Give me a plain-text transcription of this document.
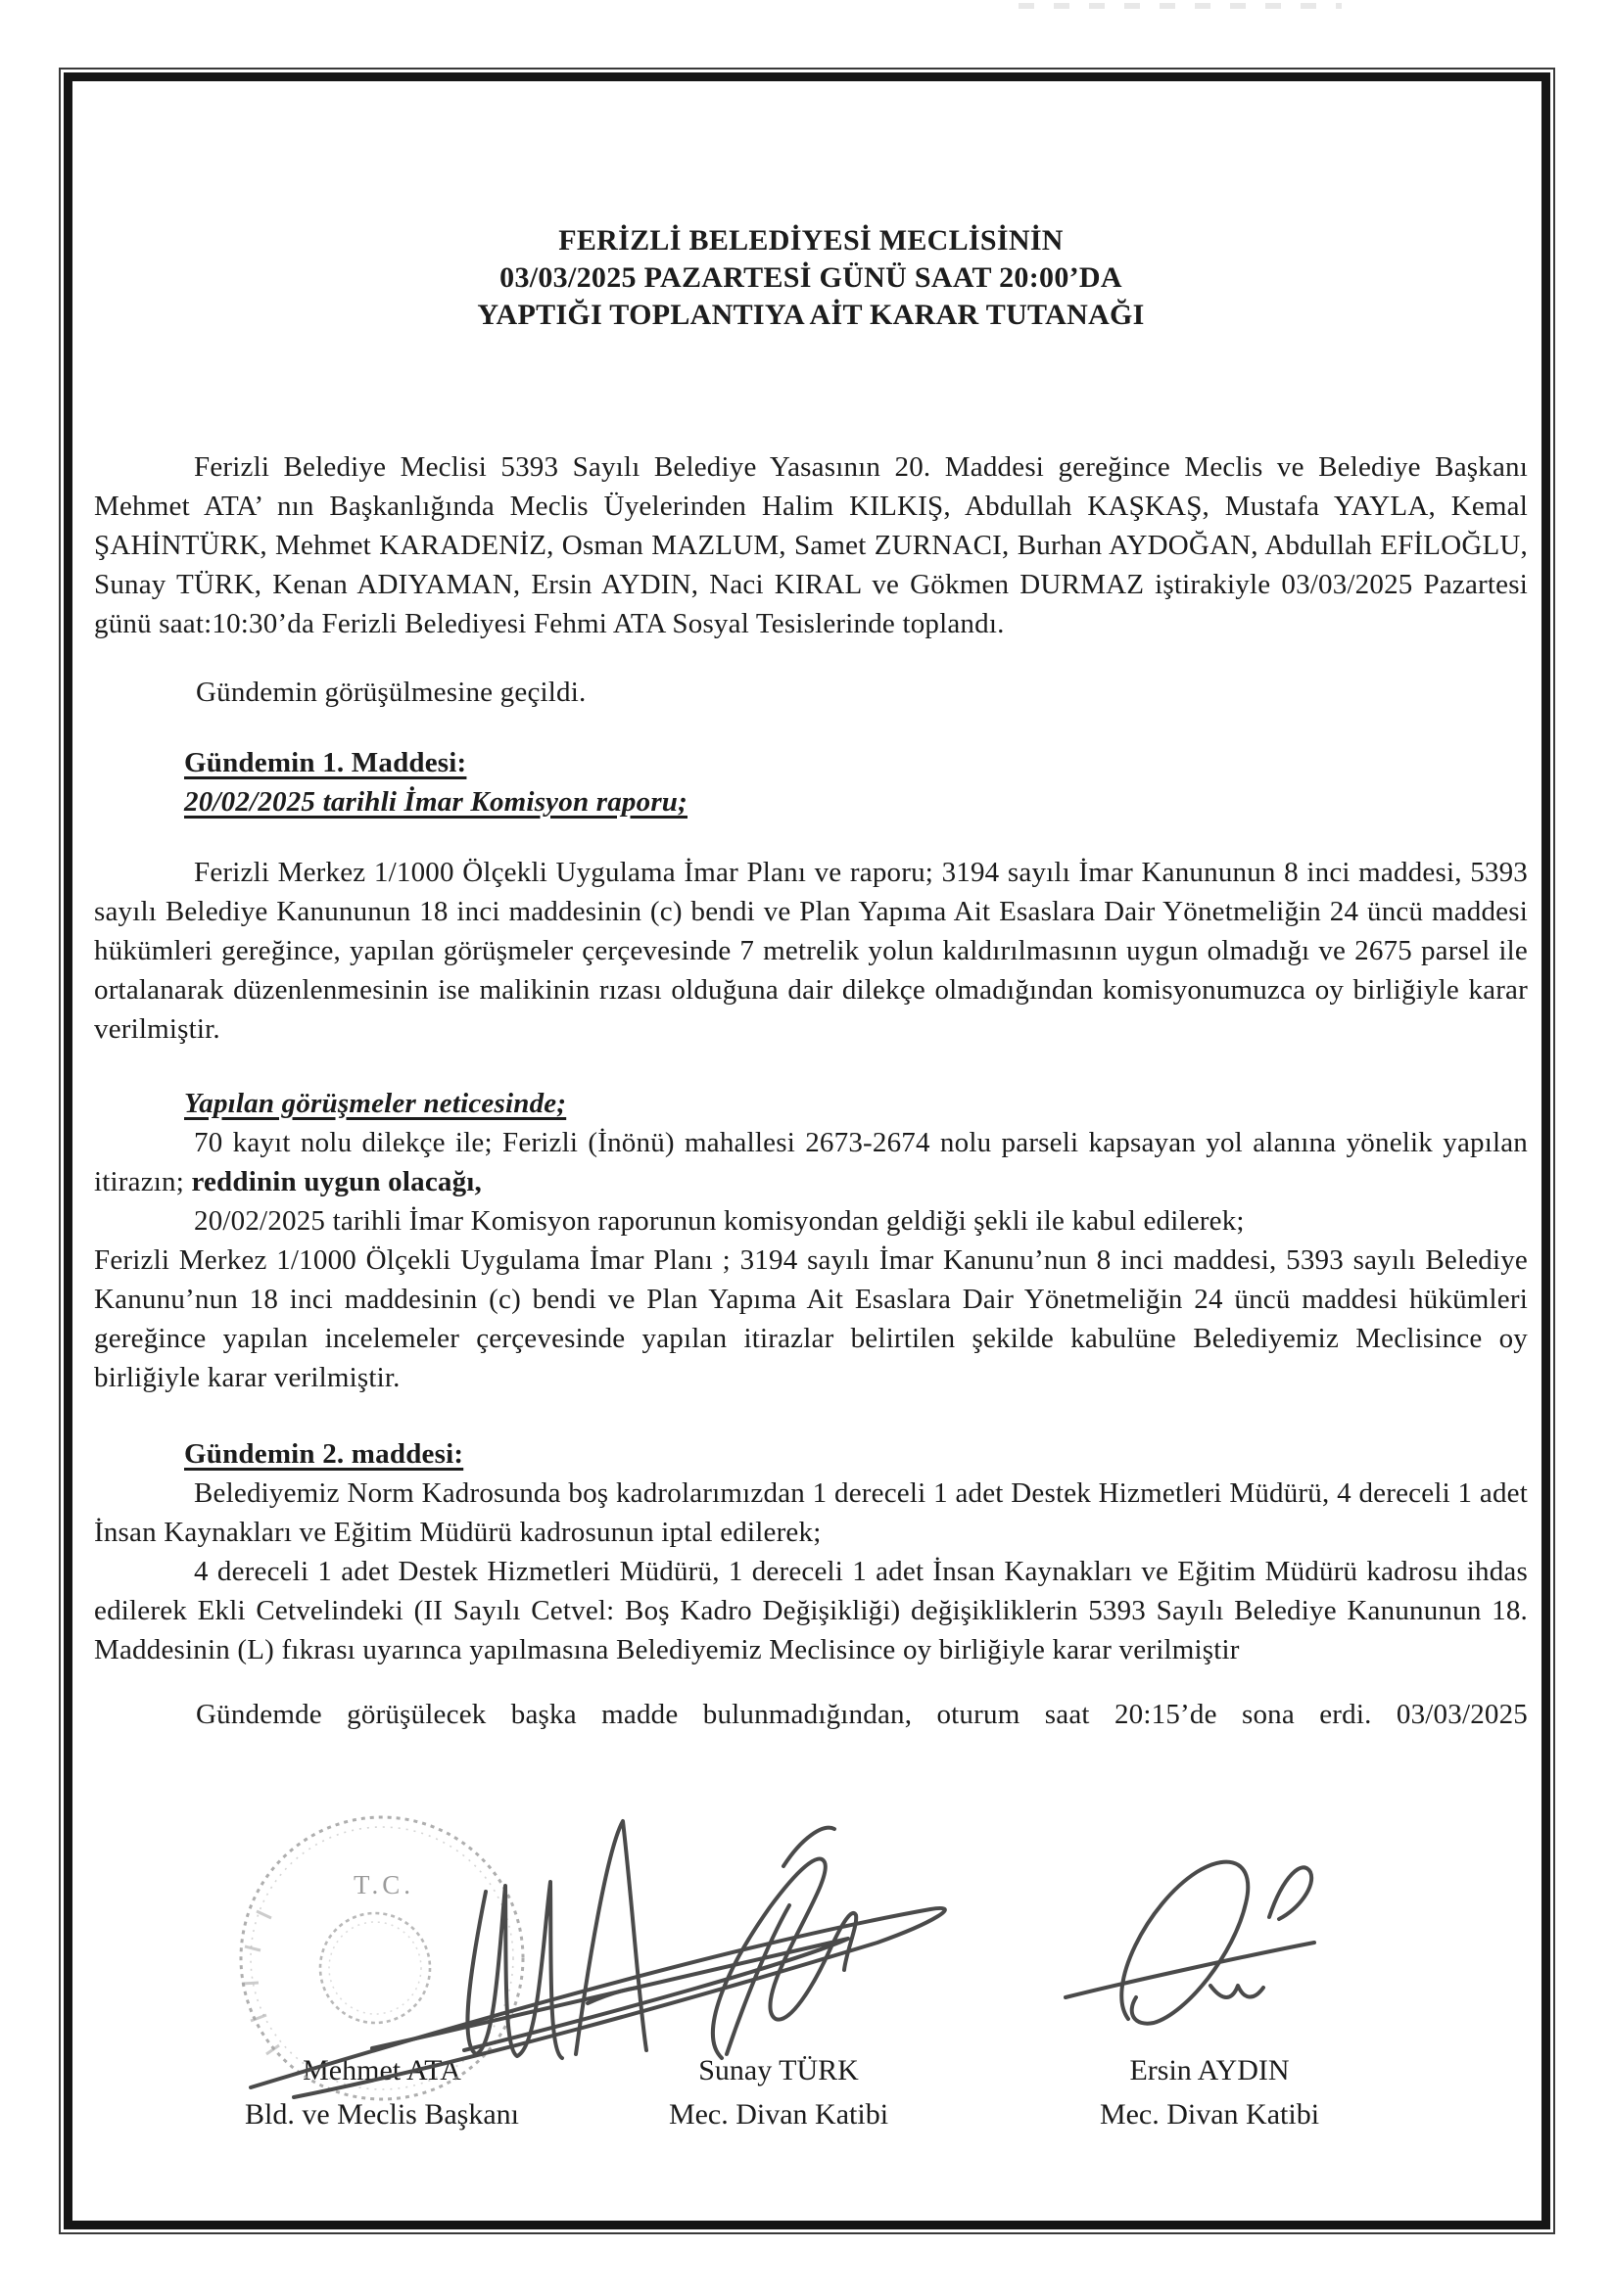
FERİZLİ BELEDİYESİ MECLİSİNİN
03/03/2025 PAZARTESİ GÜNÜ SAAT 20:00’DA
YAPTIĞI TOPLANTIYA AİT KARAR TUTANAĞI

Ferizli Belediye Meclisi 5393 Sayılı Belediye Yasasının 20. Maddesi gereğince Meclis ve Belediye Başkanı Mehmet ATA’ nın Başkanlığında Meclis Üyelerinden Halim KILKIŞ, Abdullah KAŞKAŞ, Mustafa YAYLA, Kemal ŞAHİNTÜRK, Mehmet KARADENİZ, Osman MAZLUM, Samet ZURNACI, Burhan AYDOĞAN, Abdullah EFİLOĞLU, Sunay TÜRK, Kenan ADIYAMAN, Ersin AYDIN, Naci KIRAL ve Gökmen DURMAZ iştirakiyle 03/03/2025 Pazartesi günü saat:10:30’da Ferizli Belediyesi Fehmi ATA Sosyal Tesislerinde toplandı.

Gündemin görüşülmesine geçildi.

Gündemin 1. Maddesi:

20/02/2025 tarihli İmar Komisyon raporu;

Ferizli Merkez 1/1000 Ölçekli Uygulama İmar Planı ve raporu; 3194 sayılı İmar Kanununun 8 inci maddesi, 5393 sayılı Belediye Kanununun 18 inci maddesinin (c) bendi ve Plan Yapıma Ait Esaslara Dair Yönetmeliğin 24 üncü maddesi hükümleri gereğince, yapılan görüşmeler çerçevesinde 7 metrelik yolun kaldırılmasının uygun olmadığı ve 2675 parsel ile ortalanarak düzenlenmesinin ise malikinin rızası olduğuna dair dilekçe olmadığından komisyonumuzca oy birliğiyle karar verilmiştir.

Yapılan görüşmeler neticesinde;

70 kayıt nolu dilekçe ile; Ferizli (İnönü) mahallesi 2673-2674 nolu parseli kapsayan yol alanına yönelik yapılan itirazın; reddinin uygun olacağı,

20/02/2025 tarihli İmar Komisyon raporunun komisyondan geldiği şekli ile kabul edilerek;

Ferizli Merkez 1/1000 Ölçekli Uygulama İmar Planı ; 3194 sayılı İmar Kanunu’nun 8 inci maddesi, 5393 sayılı Belediye Kanunu’nun 18 inci maddesinin (c) bendi ve Plan Yapıma Ait Esaslara Dair Yönetmeliğin 24 üncü maddesi hükümleri gereğince yapılan incelemeler çerçevesinde yapılan itirazlar belirtilen şekilde kabulüne Belediyemiz Meclisince oy birliğiyle karar verilmiştir.

Gündemin 2. maddesi:

Belediyemiz Norm Kadrosunda boş kadrolarımızdan 1 dereceli 1 adet Destek Hizmetleri Müdürü, 4 dereceli 1 adet İnsan Kaynakları ve Eğitim Müdürü kadrosunun iptal edilerek;

4 dereceli 1 adet Destek Hizmetleri Müdürü, 1 dereceli 1 adet İnsan Kaynakları ve Eğitim Müdürü kadrosu ihdas edilerek Ekli Cetvelindeki (II Sayılı Cetvel: Boş Kadro Değişikliği) değişikliklerin 5393 Sayılı Belediye Kanununun 18. Maddesinin (L) fıkrası uyarınca yapılmasına Belediyemiz Meclisince oy birliğiyle karar verilmiştir

Gündemde görüşülecek başka madde bulunmadığından, oturum saat 20:15’de sona erdi. 03/03/2025

Mehmet ATA
Bld. ve Meclis Başkanı
Sunay TÜRK
Mec. Divan Katibi
Ersin AYDIN
Mec. Divan Katibi
T.C.
